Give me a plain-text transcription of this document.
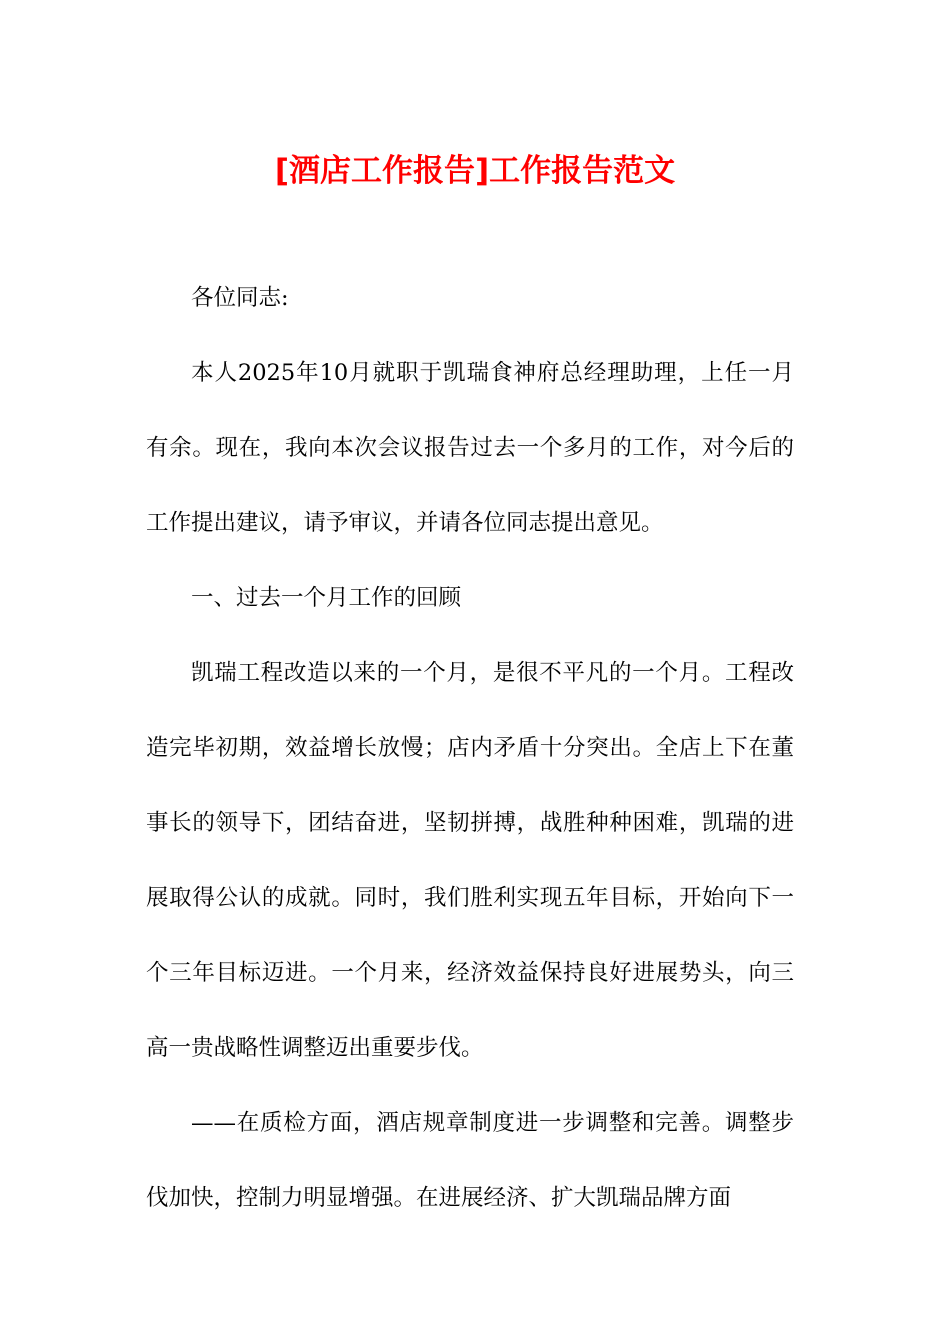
[酒店工作报告]工作报告范文

各位同志:

本人2025年10月就职于凯瑞食神府总经理助理，上任一月有余。现在，我向本次会议报告过去一个多月的工作，对今后的工作提出建议，请予审议，并请各位同志提出意见。

一、过去一个月工作的回顾

凯瑞工程改造以来的一个月，是很不平凡的一个月。工程改造完毕初期，效益增长放慢；店内矛盾十分突出。全店上下在董事长的领导下，团结奋进，坚韧拼搏，战胜种种困难，凯瑞的进展取得公认的成就。同时，我们胜利实现五年目标，开始向下一个三年目标迈进。一个月来，经济效益保持良好进展势头，向三高一贵战略性调整迈出重要步伐。

——在质检方面，酒店规章制度进一步调整和完善。调整步伐加快，控制力明显增强。在进展经济、扩大凯瑞品牌方面
